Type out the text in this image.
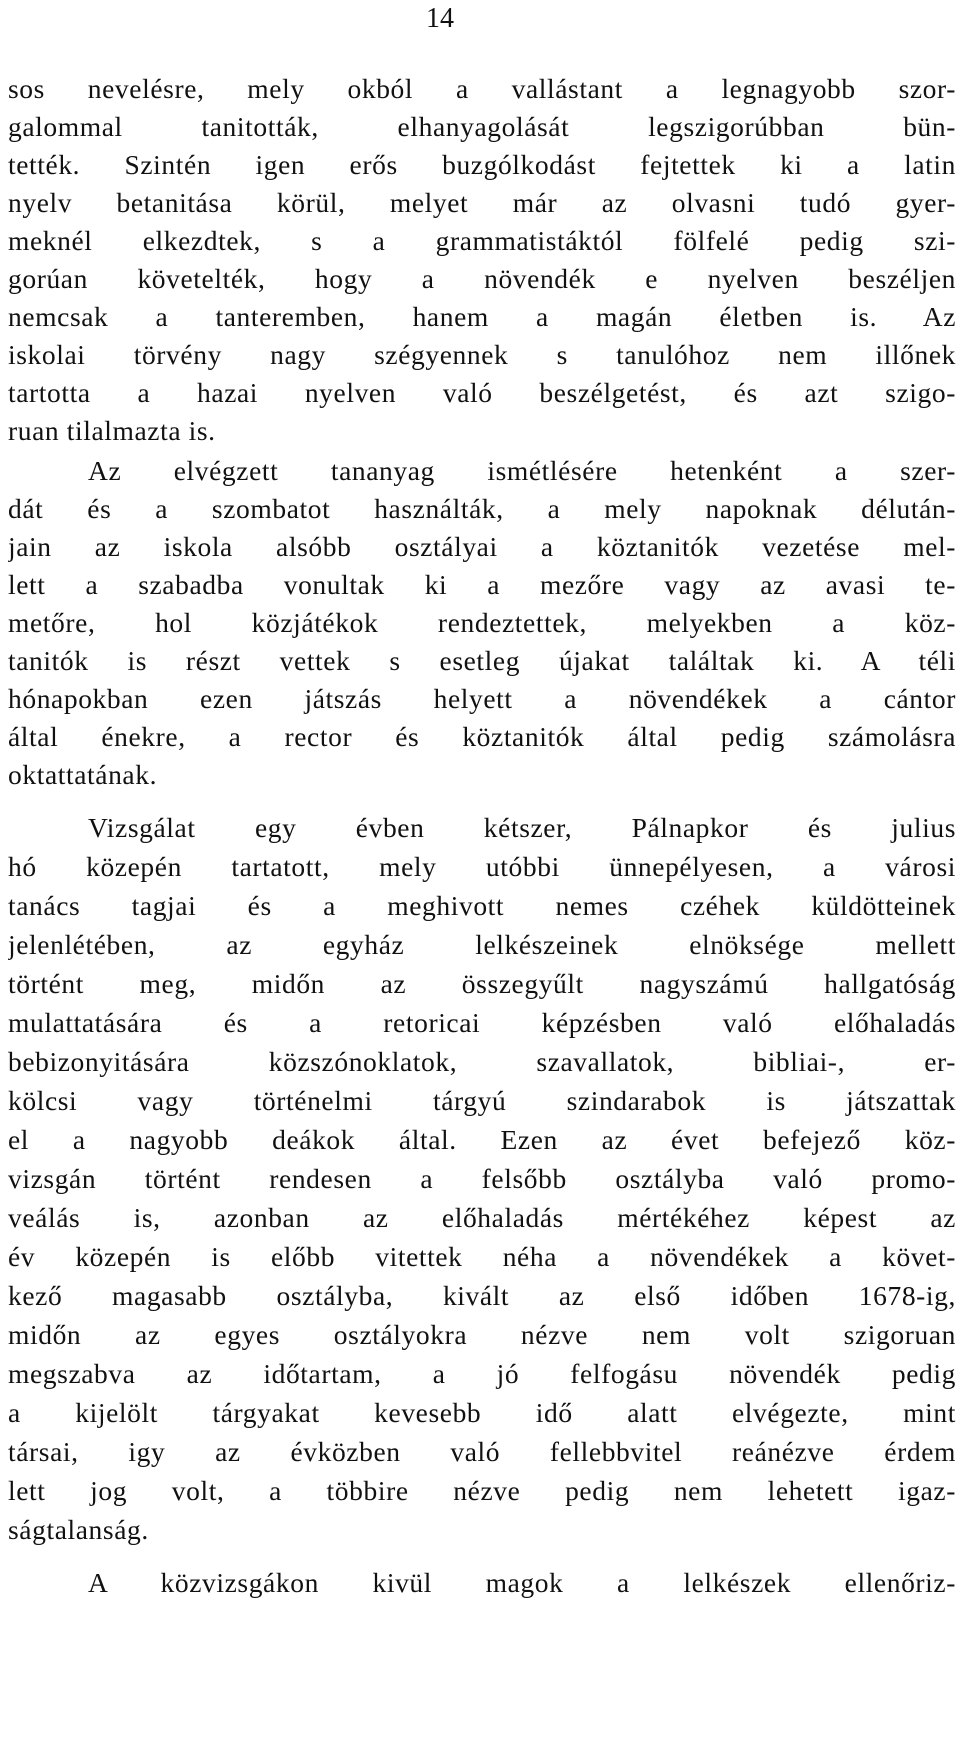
14
sos nevelésre, mely okból a vallástant a legnagyobb szor-
galommal tanitották, elhanyagolását legszigorúbban bün-
tették. Szintén igen erős buzgólkodást fejtettek ki a latin
nyelv betanitása körül, melyet már az olvasni tudó gyer-
meknél elkezdtek, s a grammatistáktól fölfelé pedig szi-
gorúan követelték, hogy a növendék e nyelven beszéljen
nemcsak a tanteremben, hanem a magán életben is. Az
iskolai törvény nagy szégyennek s tanulóhoz nem illőnek
tartotta a hazai nyelven való beszélgetést, és azt szigo-
ruan tilalmazta is.
Az elvégzett tananyag ismétlésére hetenként a szer-
dát és a szombatot használták, a mely napoknak délután-
jain az iskola alsóbb osztályai a köztanitók vezetése mel-
lett a szabadba vonultak ki a mezőre vagy az avasi te-
metőre, hol közjátékok rendeztettek, melyekben a köz-
tanitók is részt vettek s esetleg újakat találtak ki. A téli
hónapokban ezen játszás helyett a növendékek a cántor
által énekre, a rector és köztanitók által pedig számolásra
oktattatának.
Vizsgálat egy évben kétszer, Pálnapkor és julius
hó közepén tartatott, mely utóbbi ünnepélyesen, a városi
tanács tagjai és a meghivott nemes czéhek küldötteinek
jelenlétében, az egyház lelkészeinek elnöksége mellett
történt meg, midőn az összegyűlt nagyszámú hallgatóság
mulattatására és a retoricai képzésben való előhaladás
bebizonyitására közszónoklatok, szavallatok, bibliai-, er-
kölcsi vagy történelmi tárgyú szindarabok is játszattak
el a nagyobb deákok által. Ezen az évet befejező köz-
vizsgán történt rendesen a felsőbb osztályba való promo-
veálás is, azonban az előhaladás mértékéhez képest az
év közepén is előbb vitettek néha a növendékek a követ-
kező magasabb osztályba, kivált az első időben 1678-ig,
midőn az egyes osztályokra nézve nem volt szigoruan
megszabva az időtartam, a jó felfogásu növendék pedig
a kijelölt tárgyakat kevesebb idő alatt elvégezte, mint
társai, igy az évközben való fellebbvitel reánézve érdem
lett jog volt, a többire nézve pedig nem lehetett igaz-
ságtalanság.
A közvizsgákon kivül magok a lelkészek ellenőriz-
